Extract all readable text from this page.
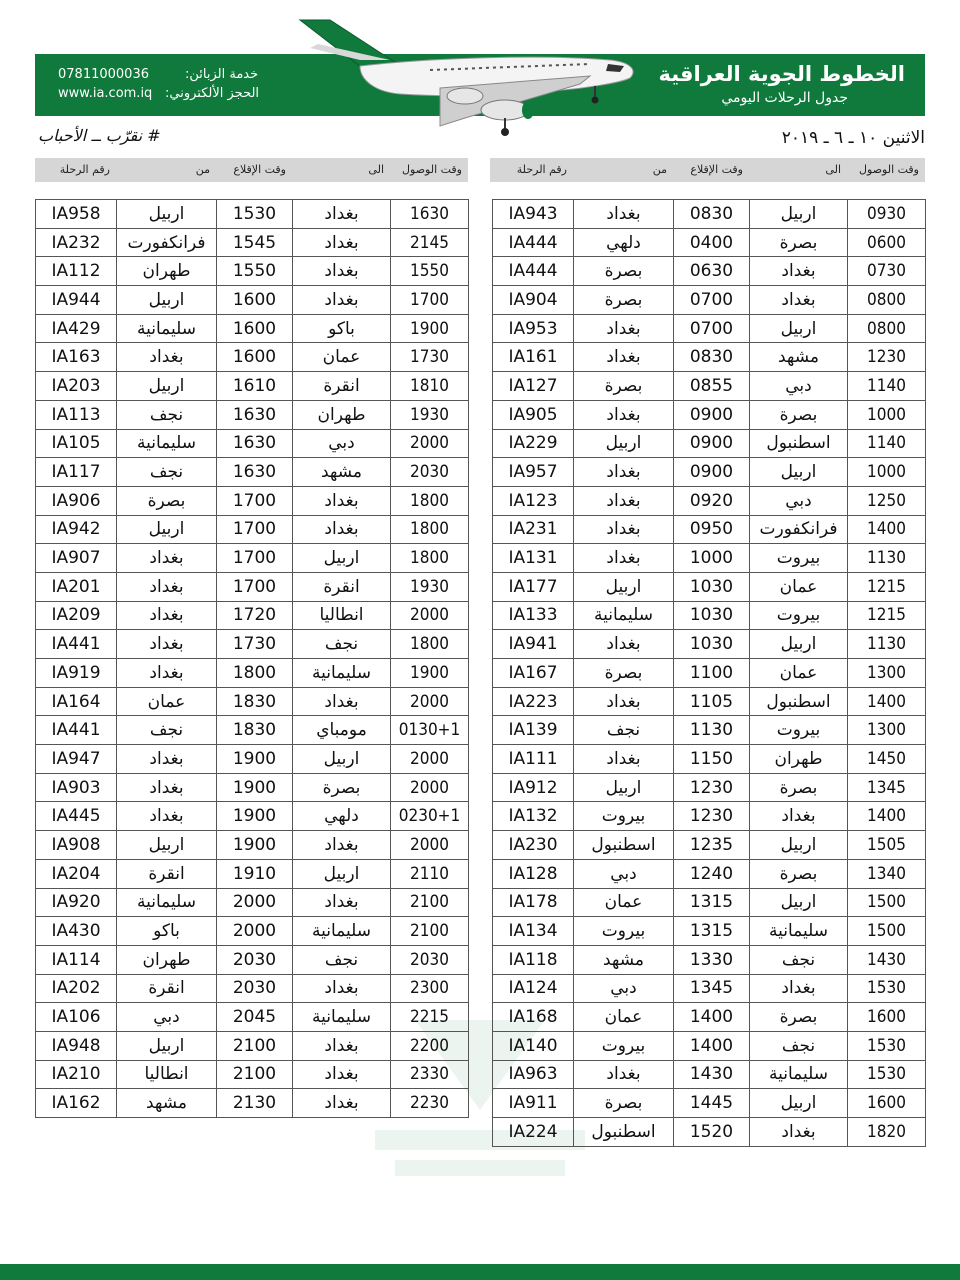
الخطوط الجوية العراقية
جدول الرحلات اليومي
خدمة الزبائن:
07811000036
الحجز الألكتروني:
www.ia.com.iq
الاثنين ١٠ ـ ٦ ـ ٢٠١٩
# نقرّب ــ الأحباب
وقت الوصول
الى
وقت الإقلاع
من
رقم الرحلة
وقت الوصول
الى
وقت الإقلاع
من
رقم الرحلة
0930	اربيل	0830	بغداد	IA943
0600	بصرة	0400	دلهي	IA444
0730	بغداد	0630	بصرة	IA444
0800	بغداد	0700	بصرة	IA904
0800	اربيل	0700	بغداد	IA953
1230	مشهد	0830	بغداد	IA161
1140	دبي	0855	بصرة	IA127
1000	بصرة	0900	بغداد	IA905
1140	اسطنبول	0900	اربيل	IA229
1000	اربيل	0900	بغداد	IA957
1250	دبي	0920	بغداد	IA123
1400	فرانكفورت	0950	بغداد	IA231
1130	بيروت	1000	بغداد	IA131
1215	عمان	1030	اربيل	IA177
1215	بيروت	1030	سليمانية	IA133
1130	اربيل	1030	بغداد	IA941
1300	عمان	1100	بصرة	IA167
1400	اسطنبول	1105	بغداد	IA223
1300	بيروت	1130	نجف	IA139
1450	طهران	1150	بغداد	IA111
1345	بصرة	1230	اربيل	IA912
1400	بغداد	1230	بيروت	IA132
1505	اربيل	1235	اسطنبول	IA230
1340	بصرة	1240	دبي	IA128
1500	اربيل	1315	عمان	IA178
1500	سليمانية	1315	بيروت	IA134
1430	نجف	1330	مشهد	IA118
1530	بغداد	1345	دبي	IA124
1600	بصرة	1400	عمان	IA168
1530	نجف	1400	بيروت	IA140
1530	سليمانية	1430	بغداد	IA963
1600	اربيل	1445	بصرة	IA911
1820	بغداد	1520	اسطنبول	IA224
1630	بغداد	1530	اربيل	IA958
2145	بغداد	1545	فرانكفورت	IA232
1550	بغداد	1550	طهران	IA112
1700	بغداد	1600	اربيل	IA944
1900	باكو	1600	سليمانية	IA429
1730	عمان	1600	بغداد	IA163
1810	انقرة	1610	اربيل	IA203
1930	طهران	1630	نجف	IA113
2000	دبي	1630	سليمانية	IA105
2030	مشهد	1630	نجف	IA117
1800	بغداد	1700	بصرة	IA906
1800	بغداد	1700	اربيل	IA942
1800	اربيل	1700	بغداد	IA907
1930	انقرة	1700	بغداد	IA201
2000	انطاليا	1720	بغداد	IA209
1800	نجف	1730	بغداد	IA441
1900	سليمانية	1800	بغداد	IA919
2000	بغداد	1830	عمان	IA164
0130+1	مومباي	1830	نجف	IA441
2000	اربيل	1900	بغداد	IA947
2000	بصرة	1900	بغداد	IA903
0230+1	دلهي	1900	بغداد	IA445
2000	بغداد	1900	اربيل	IA908
2110	اربيل	1910	انقرة	IA204
2100	بغداد	2000	سليمانية	IA920
2100	سليمانية	2000	باكو	IA430
2030	نجف	2030	طهران	IA114
2300	بغداد	2030	انقرة	IA202
2215	سليمانية	2045	دبي	IA106
2200	بغداد	2100	اربيل	IA948
2330	بغداد	2100	انطاليا	IA210
2230	بغداد	2130	مشهد	IA162
